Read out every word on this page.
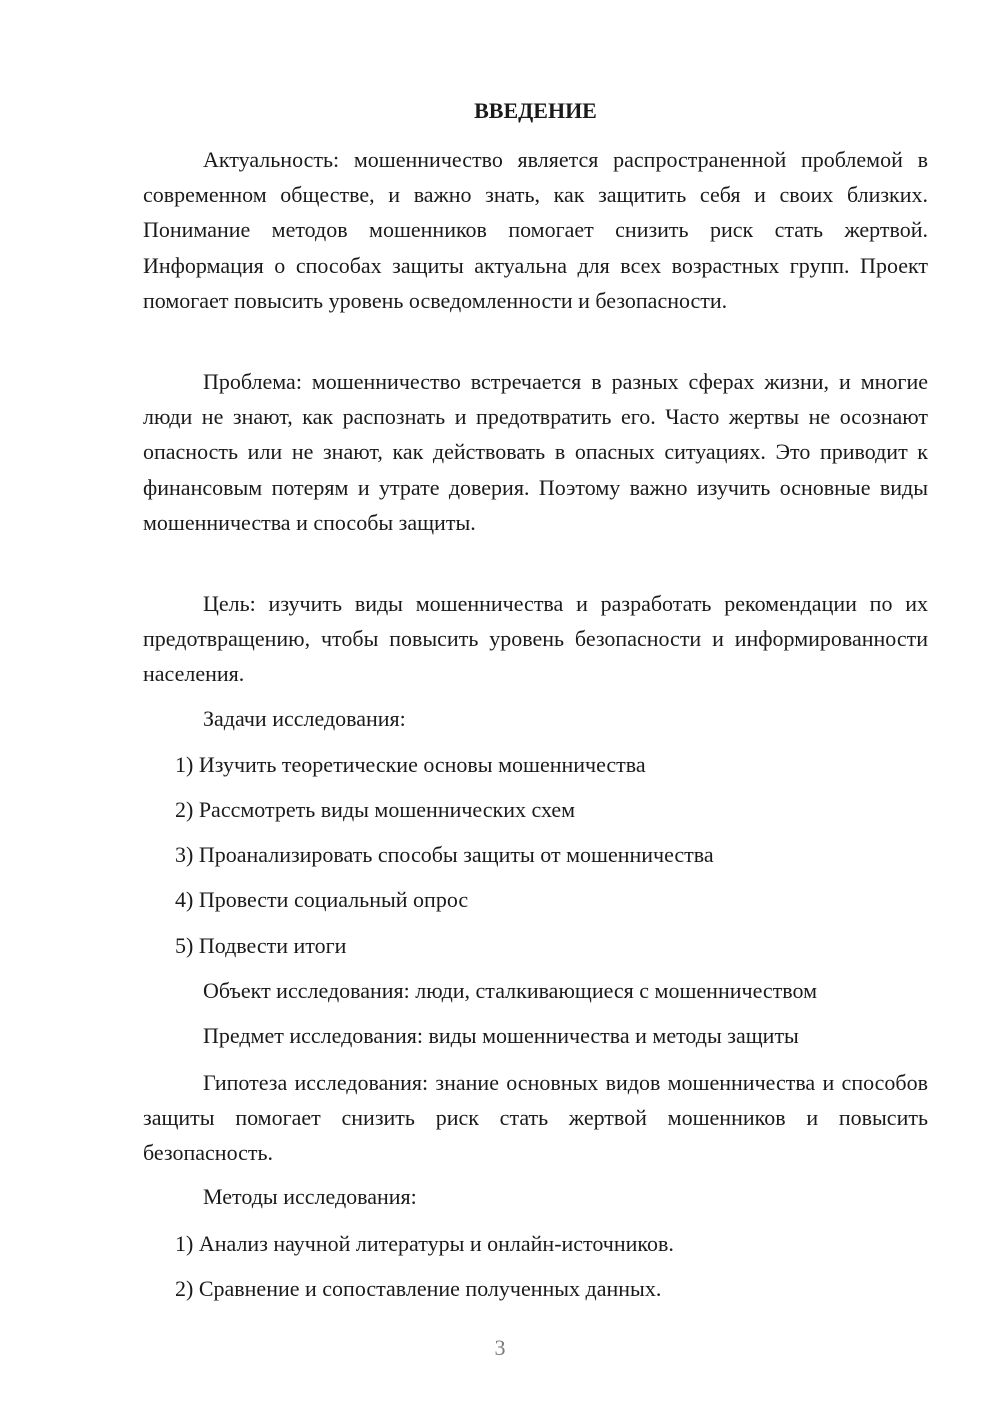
ВВЕДЕНИЕ

Актуальность: мошенничество является распространенной проблемой в современном обществе, и важно знать, как защитить себя и своих близких. Понимание методов мошенников помогает снизить риск стать жертвой. Информация о способах защиты актуальна для всех возрастных групп. Проект помогает повысить уровень осведомленности и безопасности.

Проблема: мошенничество встречается в разных сферах жизни, и многие люди не знают, как распознать и предотвратить его. Часто жертвы не осознают опасность или не знают, как действовать в опасных ситуациях. Это приводит к финансовым потерям и утрате доверия. Поэтому важно изучить основные виды мошенничества и способы защиты.

Цель: изучить виды мошенничества и разработать рекомендации по их предотвращению, чтобы повысить уровень безопасности и информированности населения.

Задачи исследования:
1) Изучить теоретические основы мошенничества
2) Рассмотреть виды мошеннических схем
3) Проанализировать способы защиты от мошенничества
4) Провести социальный опрос
5) Подвести итоги
Объект исследования: люди, сталкивающиеся с мошенничеством
Предмет исследования: виды мошенничества и методы защиты

Гипотеза исследования: знание основных видов мошенничества и способов защиты помогает снизить риск стать жертвой мошенников и повысить безопасность.

Методы исследования:
1) Анализ научной литературы и онлайн-источников.
2) Сравнение и сопоставление полученных данных.
3
